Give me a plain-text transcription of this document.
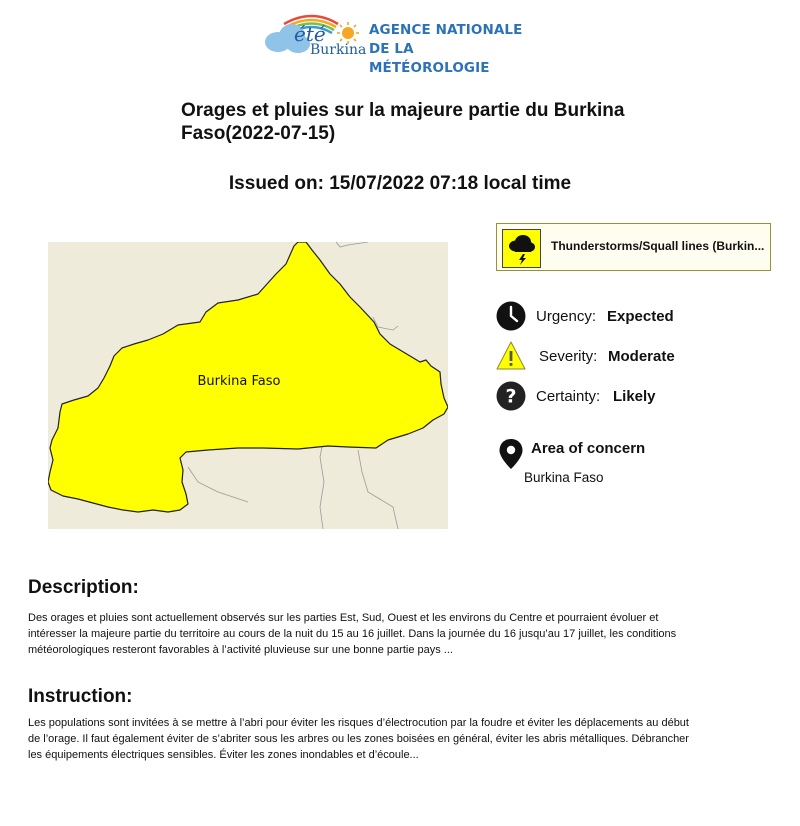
été
Burkina
AGENCE NATIONALE
DE LA MÉTÉOROLOGIE
Orages et pluies sur la majeure partie du Burkina Faso(2022-07-15)
Issued on: 15/07/2022 07:18 local time
Burkina Faso
Thunderstorms/Squall lines (Burkin...
Urgency: Expected
Severity: Moderate
? Certainty: Likely
Area of concern
Burkina Faso
Description:

Des orages et pluies sont actuellement observés sur les parties Est, Sud, Ouest et les environs du Centre et pourraient évoluer et intéresser la majeure partie du territoire au cours de la nuit du 15 au 16 juillet. Dans la journée du 16 jusqu’au 17 juillet, les conditions météorologiques resteront favorables à l’activité pluvieuse sur une bonne partie pays ...

Instruction:

Les populations sont invitées à se mettre à l’abri pour éviter les risques d’électrocution par la foudre et éviter les déplacements au début de l’orage. Il faut également éviter de s’abriter sous les arbres ou les zones boisées en général, éviter les abris métalliques. Débrancher les équipements électriques sensibles. Éviter les zones inondables et d’écoule...
